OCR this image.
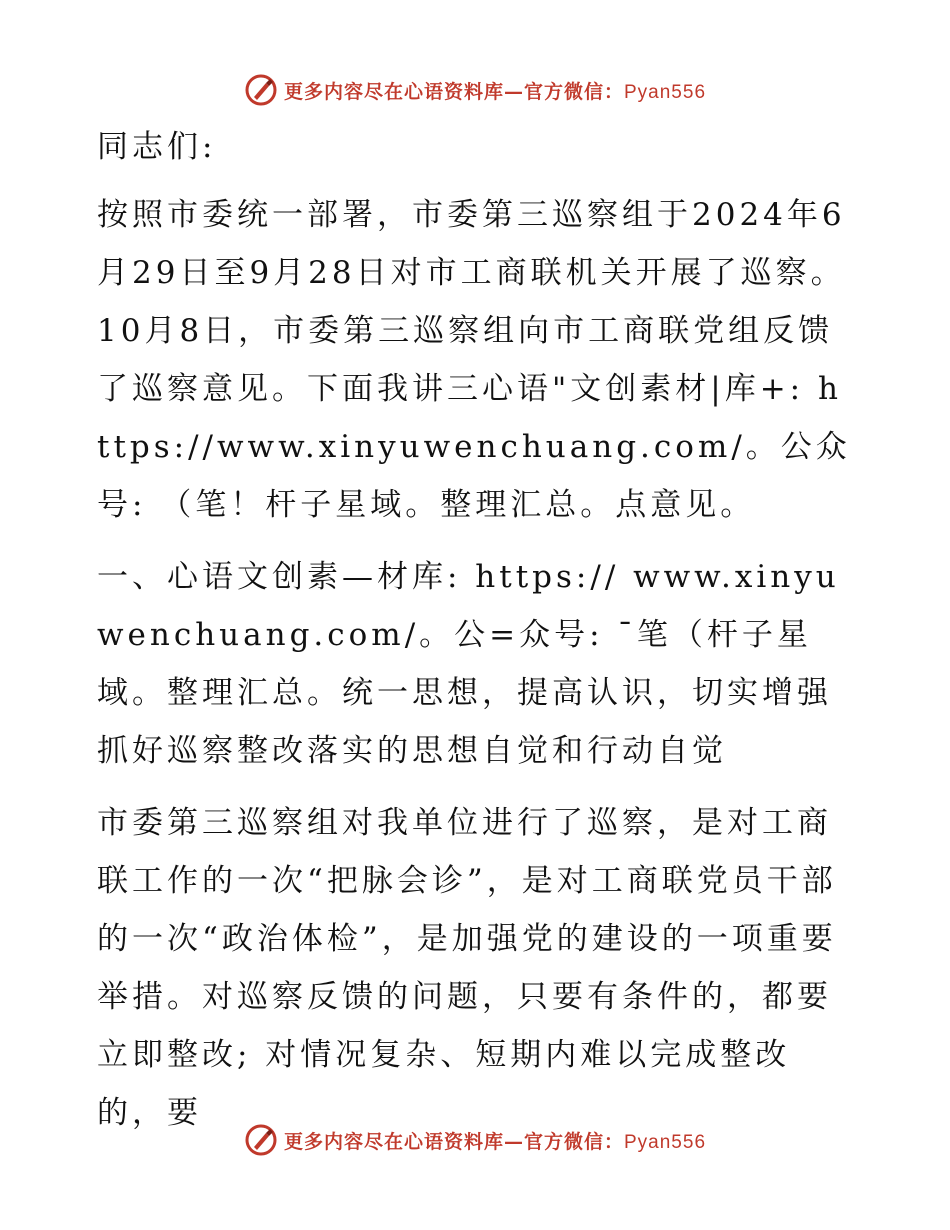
更多内容尽在心语资料库—官方微信：Pyan556

同志们:

按照市委统一部署，市委第三巡察组于2024年6月29日至9月28日对市工商联机关开展了巡察。10月8日，市委第三巡察组向市工商联党组反馈了巡察意见。下面我讲三心语"文创素材|库+: https://www.xinyuwenchuang.com/。公众号: （笔！杆子星域。整理汇总。点意见。

一、心语文创素—材库: https:// www.xinyuwenchuang.com/。公=众号: ¯笔（杆子星域。整理汇总。统一思想，提高认识，切实增强抓好巡察整改落实的思想自觉和行动自觉

市委第三巡察组对我单位进行了巡察，是对工商联工作的一次“把脉会诊”，是对工商联党员干部的一次“政治体检”，是加强党的建设的一项重要举措。对巡察反馈的问题，只要有条件的，都要立即整改; 对情况复杂、短期内难以完成整改的，要

更多内容尽在心语资料库—官方微信：Pyan556
